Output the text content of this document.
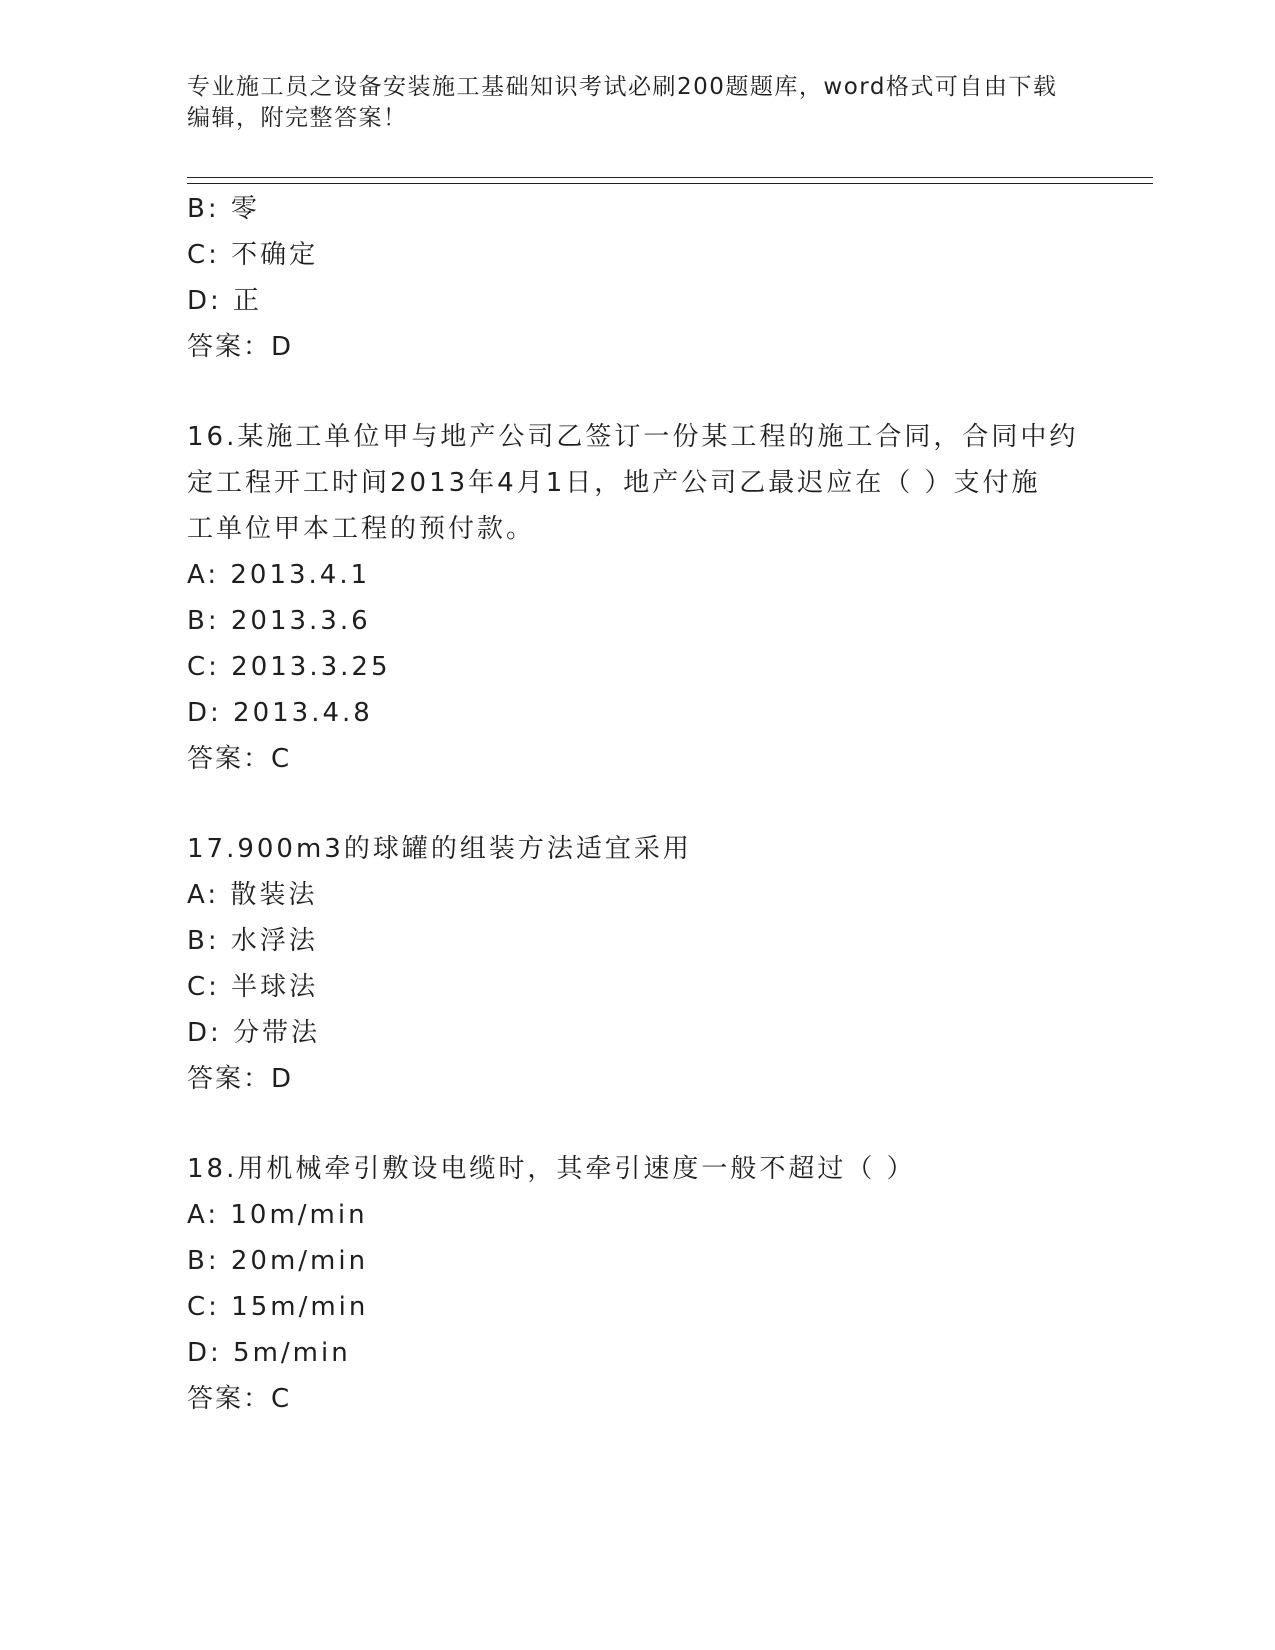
专业施工员之设备安装施工基础知识考试必刷200题题库，word格式可自由下载
编辑，附完整答案！
B: 零
C: 不确定
D: 正
答案：D
16.某施工单位甲与地产公司乙签订一份某工程的施工合同，合同中约
定工程开工时间2013年4月1日，地产公司乙最迟应在（ ）支付施
工单位甲本工程的预付款。
A: 2013.4.1
B: 2013.3.6
C: 2013.3.25
D: 2013.4.8
答案：C
17.900m3的球罐的组装方法适宜采用
A: 散装法
B: 水浮法
C: 半球法
D: 分带法
答案：D
18.用机械牵引敷设电缆时，其牵引速度一般不超过（ ）
A: 10m/min
B: 20m/min
C: 15m/min
D: 5m/min
答案：C
